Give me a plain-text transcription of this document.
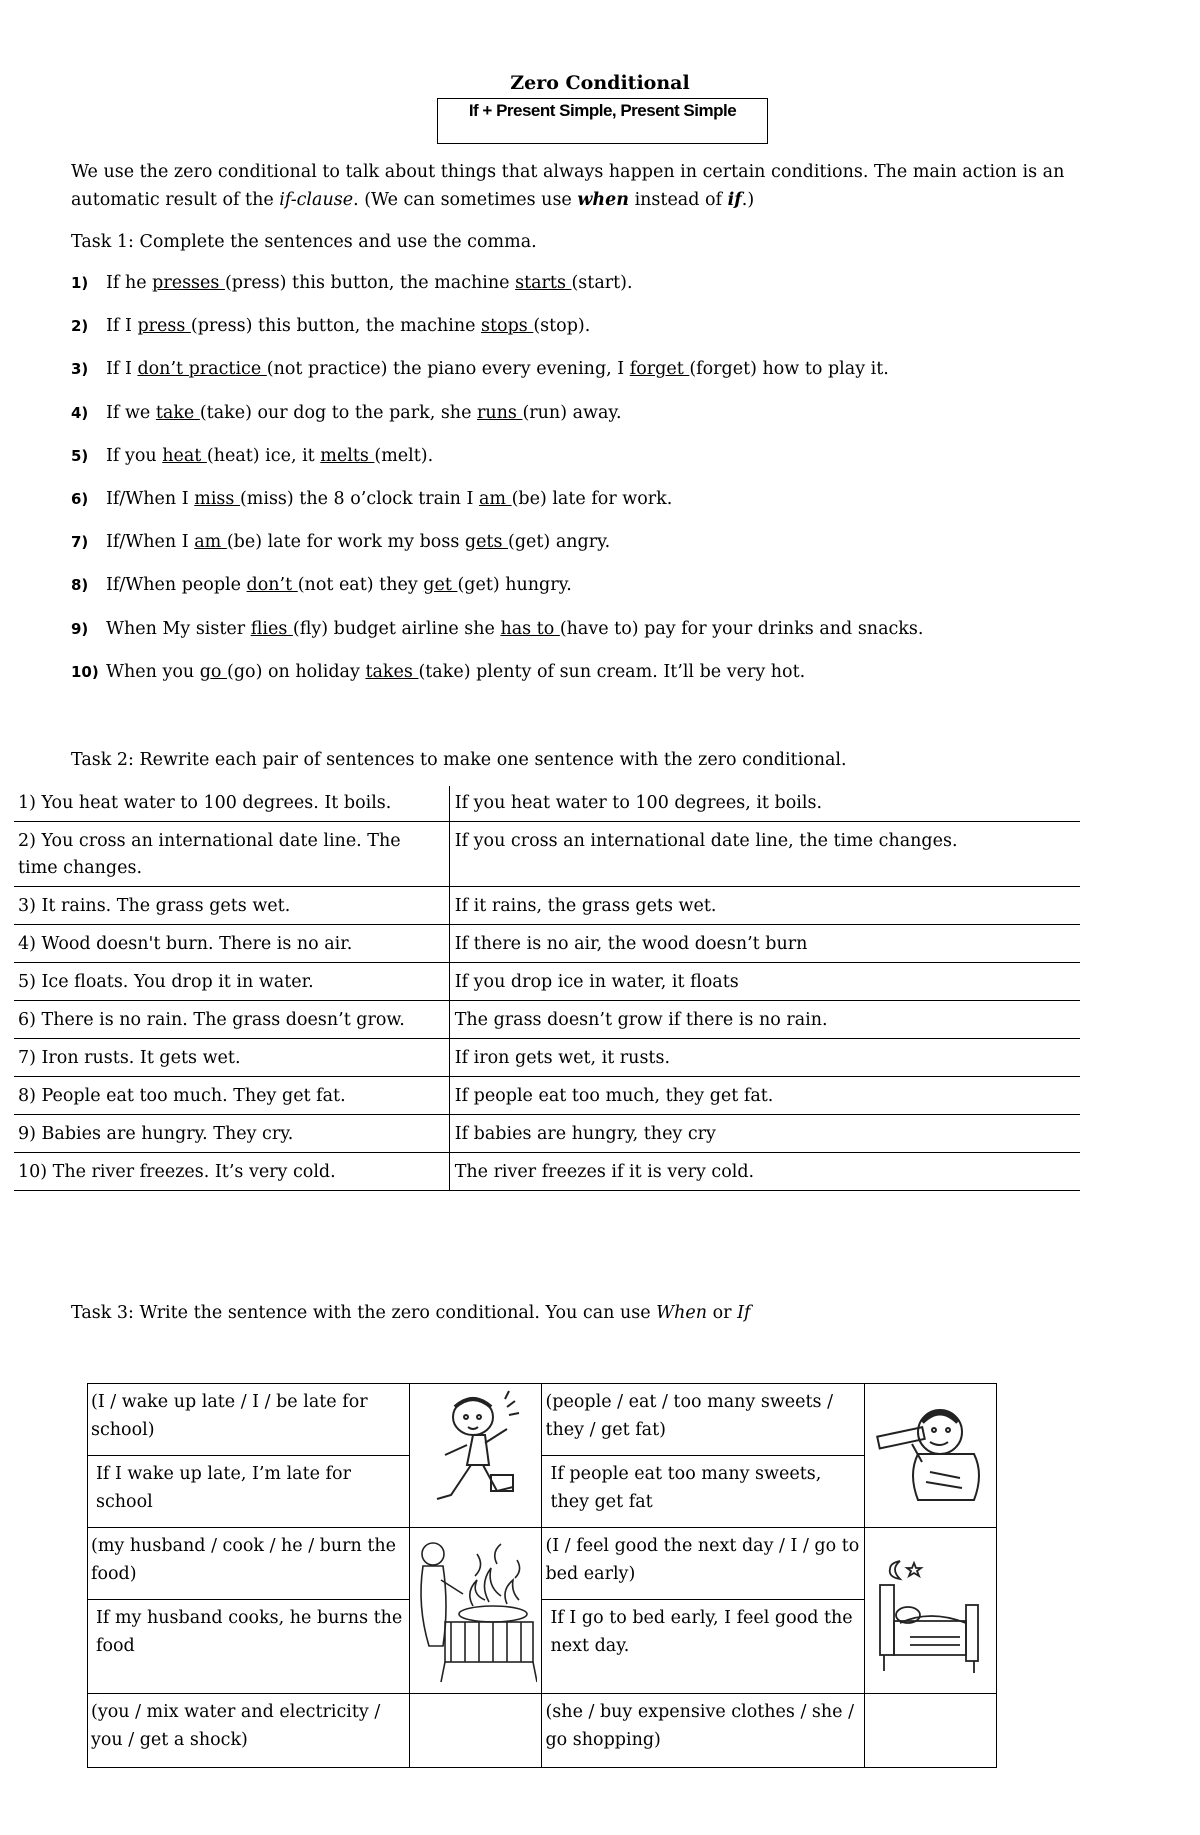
Zero Conditional
If + Present Simple, Present Simple
We use the zero conditional to talk about things that always happen in certain conditions. The main action is an automatic result of the if-clause. (We can sometimes use when instead of if.)
Task 1: Complete the sentences and use the comma.
1) If he presses (press) this button, the machine starts (start).
2) If I press (press) this button, the machine stops (stop).
3) If I don’t practice (not practice) the piano every evening, I forget (forget) how to play it.
4) If we take (take) our dog to the park, she runs (run) away.
5) If you heat (heat) ice, it melts (melt).
6) If/When I miss (miss) the 8 o’clock train I am (be) late for work.
7) If/When I am (be) late for work my boss gets (get) angry.
8) If/When people don’t (not eat) they get (get) hungry.
9) When My sister flies (fly) budget airline she has to (have to) pay for your drinks and snacks.
10) When you go (go) on holiday takes (take) plenty of sun cream. It’ll be very hot.
Task 2: Rewrite each pair of sentences to make one sentence with the zero conditional.
1) You heat water to 100 degrees. It boils.	If you heat water to 100 degrees, it boils.
2) You cross an international date line. The time changes.	If you cross an international date line, the time changes.
3) It rains. The grass gets wet.	If it rains, the grass gets wet.
4) Wood doesn't burn. There is no air.	If there is no air, the wood doesn’t burn
5) Ice floats. You drop it in water.	If you drop ice in water, it floats
6) There is no rain. The grass doesn’t grow.	The grass doesn’t grow if there is no rain.
7) Iron rusts. It gets wet.	If iron gets wet, it rusts.
8) People eat too much. They get fat.	If people eat too much, they get fat.
9) Babies are hungry. They cry.	If babies are hungry, they cry
10) The river freezes. It’s very cold.	The river freezes if it is very cold.
Task 3: Write the sentence with the zero conditional. You can use When or If
(I / wake up late / I / be late for school)		(people / eat / too many sweets / they / get fat)	

If I wake up late, I’m late for school		If people eat too many sweets, they get fat	
(my husband / cook / he / burn the food)		(I / feel good the next day / I / go to bed early)	

If my husband cooks, he burns the food		If I go to bed early, I feel good the next day.	
(you / mix water and electricity / you / get a shock)		(she / buy expensive clothes / she / go shopping)	
